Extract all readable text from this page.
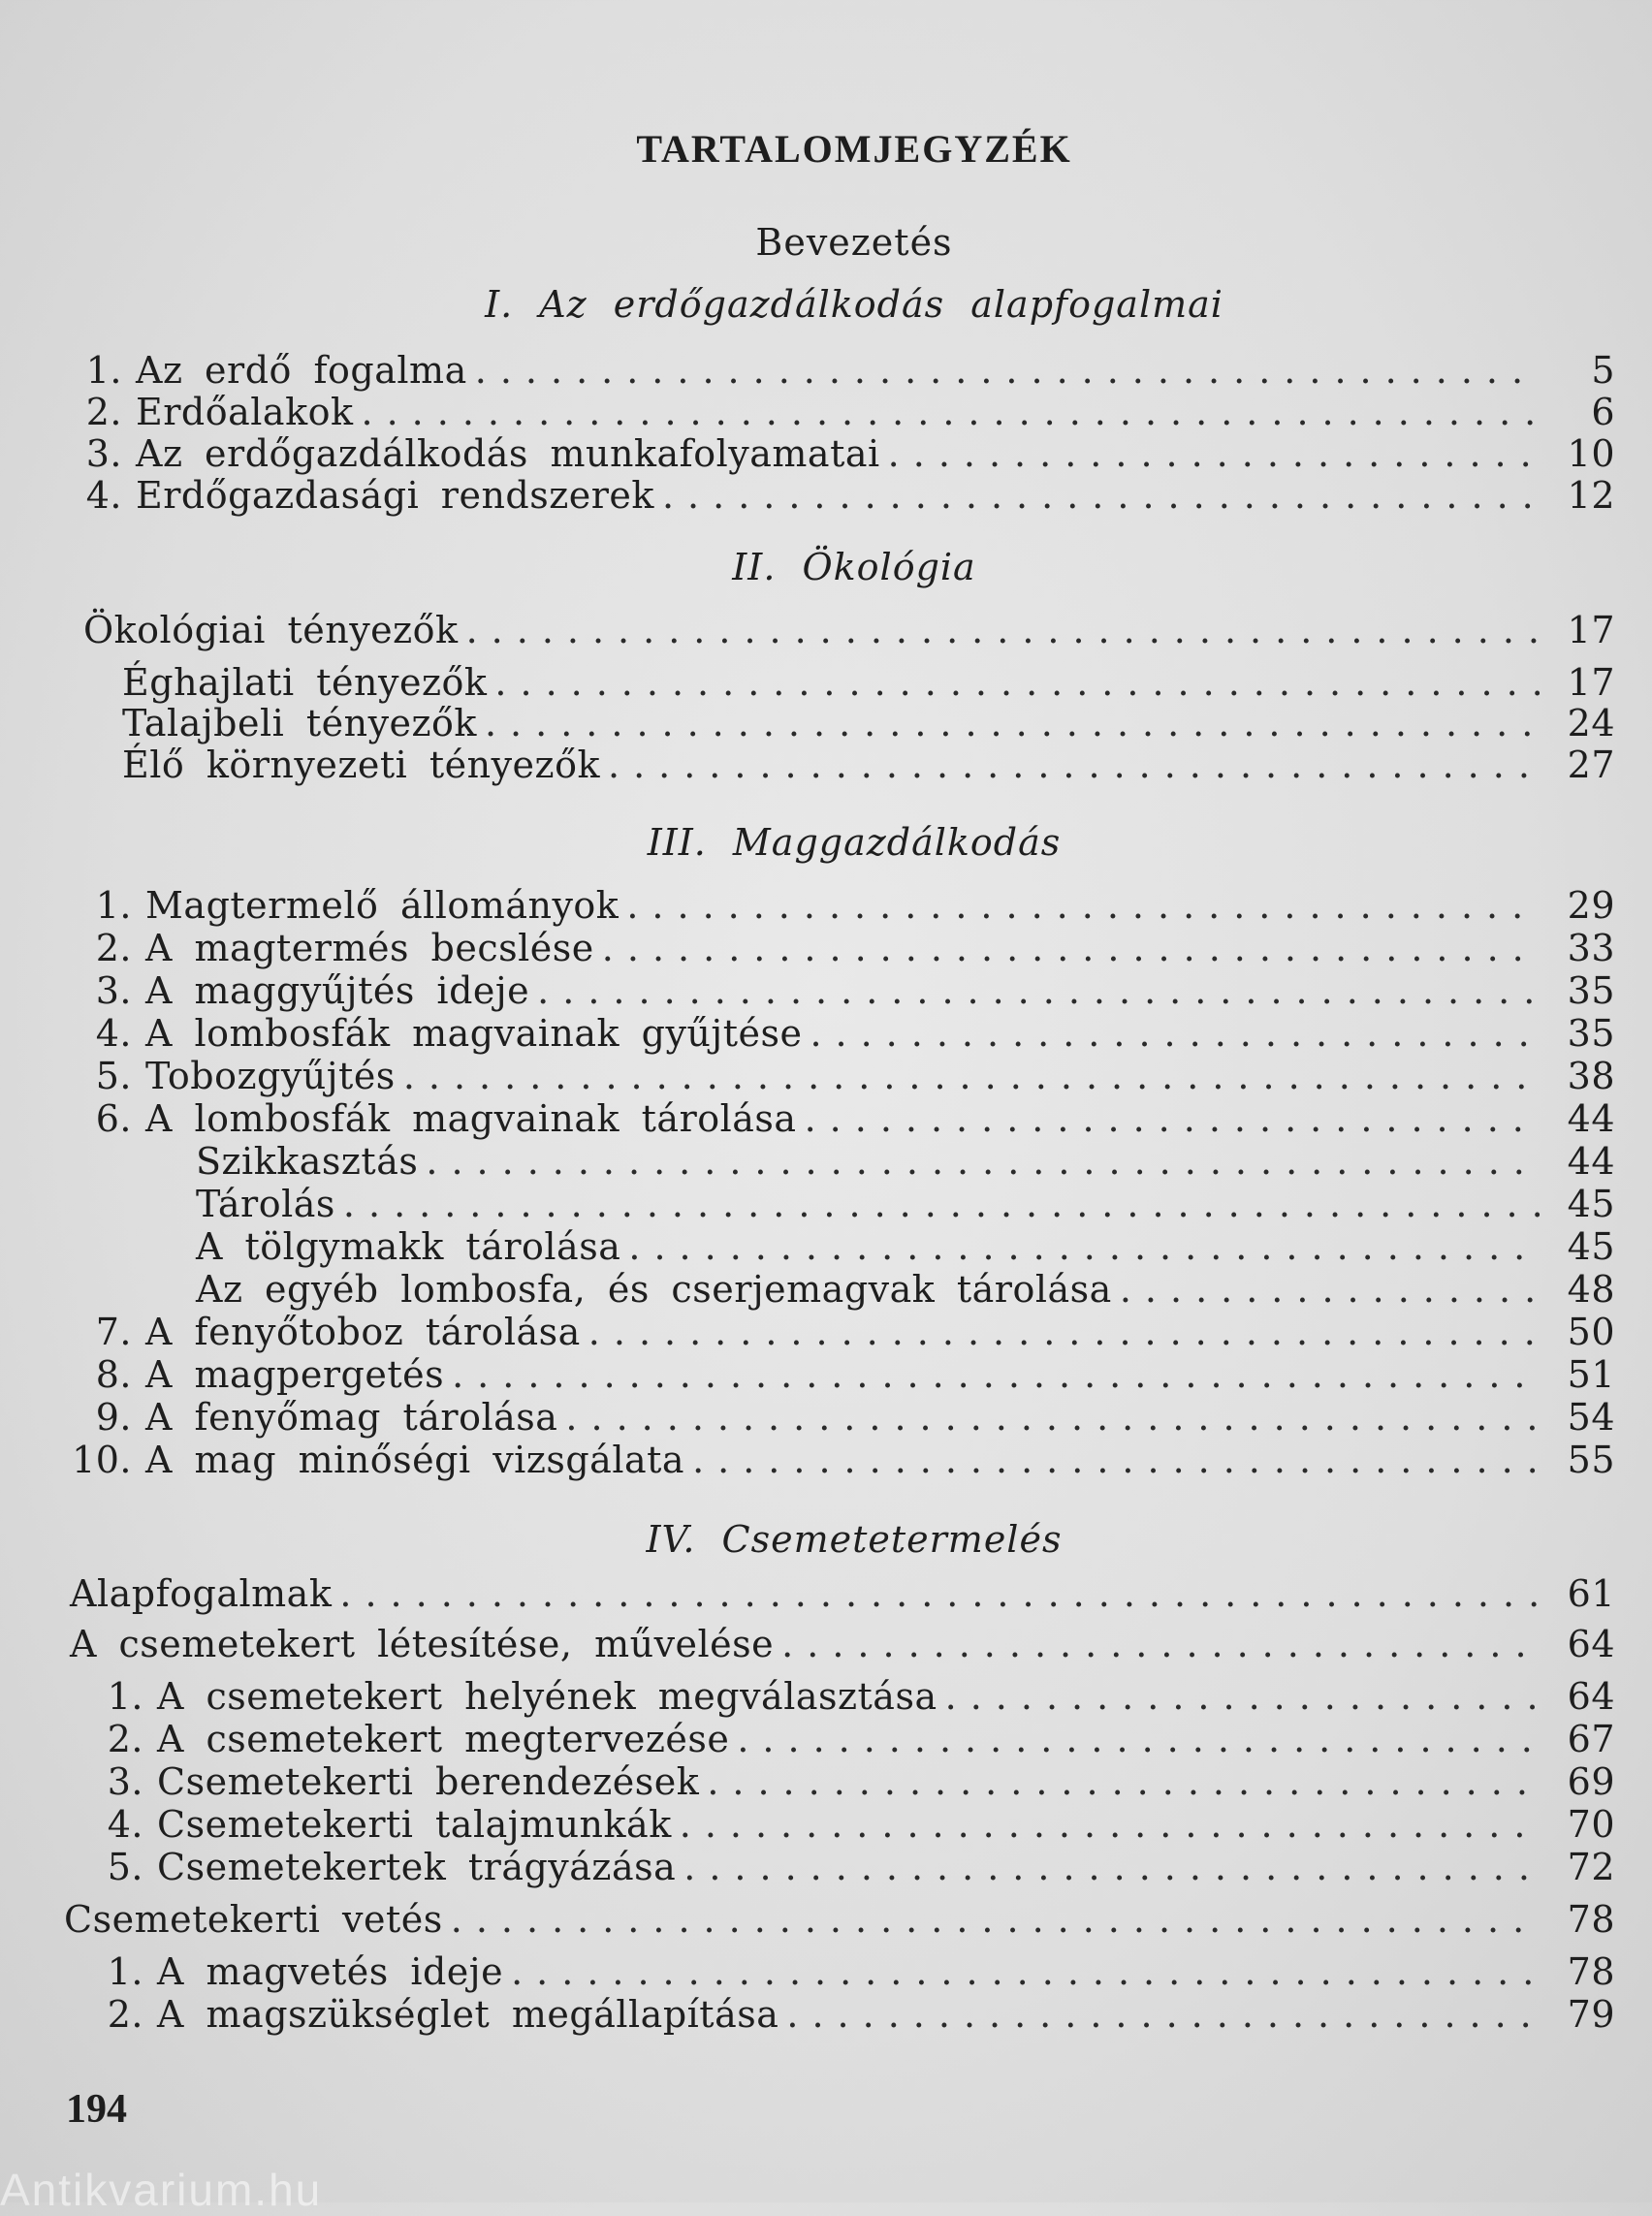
TARTALOMJEGYZÉK
Bevezetés
I. Az erdőgazdálkodás alapfogalmai
1. Az erdő fogalma .....	5
2. Erdőalakok .....	6
3. Az erdőgazdálkodás munkafolyamatai .....	10
4. Erdőgazdasági rendszerek .....	12
II. Ökológia
Ökológiai tényezők .....	17
Éghajlati tényezők .....	17
Talajbeli tényezők .....	24
Élő környezeti tényezők .....	27
III. Maggazdálkodás
1. Magtermelő állományok .....	29
2. A magtermés becslése .....	33
3. A maggyűjtés ideje .....	35
4. A lombosfák magvainak gyűjtése .....	35
5. Tobozgyűjtés .....	38
6. A lombosfák magvainak tárolása .....	44
Szikkasztás .....	44
Tárolás .....	45
A tölgymakk tárolása .....	45
Az egyéb lombosfa, és cserjemagvak tárolása .....	48
7. A fenyőtoboz tárolása .....	50
8. A magpergetés .....	51
9. A fenyőmag tárolása .....	54
10. A mag minőségi vizsgálata .....	55
IV. Csemetetermelés
Alapfogalmak .....	61
A csemetekert létesítése, művelése .....	64
1. A csemetekert helyének megválasztása .....	64
2. A csemetekert megtervezése .....	67
3. Csemetekerti berendezések .....	69
4. Csemetekerti talajmunkák .....	70
5. Csemetekertek trágyázása .....	72
Csemetekerti vetés .....	78
1. A magvetés ideje .....	78
2. A magszükséglet megállapítása .....	79
194
Antikvarium.hu
